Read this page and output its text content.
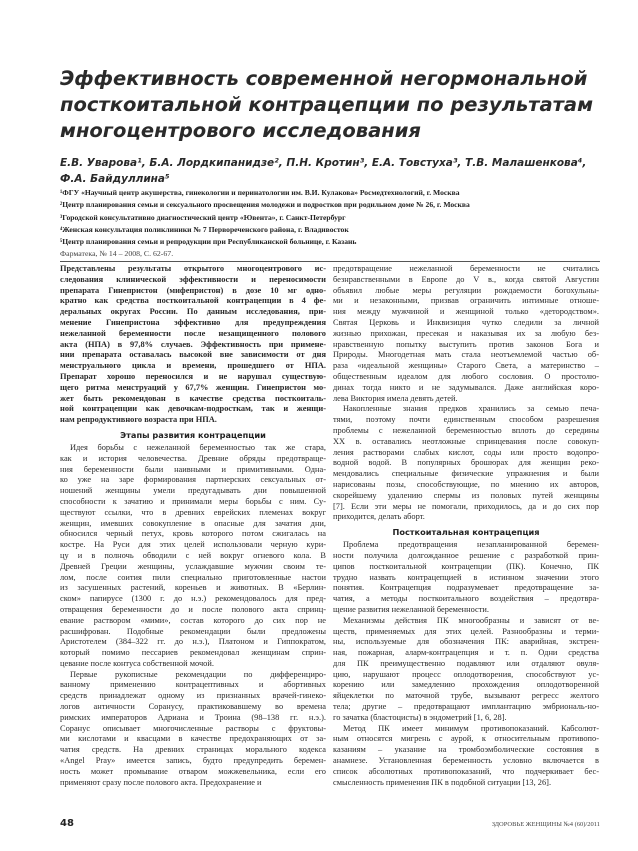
Эффективность современной негормональной
посткоитальной контрацепции по результатам
многоцентрового исследования
Е.В. Уварова¹, Б.А. Лордкипанидзе², П.Н. Кротин³, Е.А. Товстуха³, Т.В. Малашенкова⁴,
Ф.А. Байдуллина⁵
¹ФГУ «Научный центр акушерства, гинекологии и перинатологии им. В.И. Кулакова» Росмедтехнологий, г. Москва
²Центр планирования семьи и сексуального просвещения молодежи и подростков при родильном доме № 26, г. Москва
³Городской консультативно диагностический центр «Ювента», г. Санкт-Петербург
⁴Женская консультация поликлиники № 7 Первореченского района, г. Владивосток
⁵Центр планирования семьи и репродукции при Республиканской больнице, г. Казань
Фарматека, № 14 – 2008, С. 62-67.

Представлены результаты открытого многоцентрового ис-

следования клинической эффективности и переносимости

препарата Гинепристон (мифепристон) в дозе 10 мг одно-

кратно как средства посткоитальной контрацепции в 4 фе-

деральных округах России. По данным исследования, при-

менение Гинепристона эффективно для предупреждения

нежеланной беременности после незащищенного полового

акта (НПА) в 97,8% случаев. Эффективность при примене-

нии препарата оставалась высокой вне зависимости от дня

менструального цикла и времени, прошедшего от НПА.

Препарат хорошо переносился и не нарушал существую-

щего ритма менструаций у 67,7% женщин. Гинепристон мо-

жет быть рекомендован в качестве средства посткоиталь-

ной контрацепции как девочкам-подросткам, так и женщи-

нам репродуктивного возраста при НПА.

Этапы развития контрацепции

Идея борьбы с нежеланной беременностью так же стара,

как и история человечества. Древние обряды предотвраще-

ния беременности были наивными и примитивными. Одна-

ко уже на заре формирования партнерских сексуальных от-

ношений женщины умели предугадывать дни повышенной

способности к зачатию и принимали меры борьбы с ним. Су-

ществуют ссылки, что в древних еврейских племенах вокруг

женщин, имевших совокупление в опасные для зачатия дни,

обносился черный петух, кровь которого потом сжигалась на

костре. На Руси для этих целей использовали черную кури-

цу и в полночь обводили с ней вокруг огневого кола. В

Древней Греции женщины, услаждавшие мужчин своим те-

лом, после соития пили специально приготовленные настои

из засушенных растений, кореньев и животных. В «Берлин-

ском» папирусе (1300 г. до н.э.) рекомендовалось для пред-

отвращения беременности до и после полового акта спринц-

евание раствором «мими», состав которого до сих пор не

расшифрован. Подобные рекомендации были предложены

Аристотелем (384–322 гг. до н.э.), Платоном и Гиппократом,

который помимо пессариев рекомендовал женщинам сприн-

цевание после контуса собственной мочой.

Первые рукописные рекомендации по дифференциро-

ванному применению контрацептивных и абортивных

средств принадлежат одному из признанных врачей-гинеко-

логов античности Соранусу, практиковавшему во времена

римских императоров Адриана и Троина (98–138 гг. н.э.).

Соранус описывает многочисленные растворы с фруктовы-

ми кислотами и квасцами в качестве предохраняющих от за-

чатия средств. На древних страницах морального кодекса

«Angel Pray» имеется запись, будто предупредить беремен-

ность может промывание отваром можжевельника, если его

применяют сразу после полового акта. Предохранение и

предотвращение нежеланной беременности не считались

безнравственными в Европе до V в., когда святой Августин

объявил любые меры регуляции рождаемости богохульны-

ми и незаконными, призвав ограничить интимные отноше-

ния между мужчиной и женщиной только «детородством».

Святая Церковь и Инквизиция чутко следили за личной

жизнью прихожан, пресекая и наказывая их за любую без-

нравственную попытку выступить против законов Бога и

Природы. Многодетная мать стала неотъемлемой частью об-

раза «идеальной женщины» Старого Света, а материнство –

общественным идеалом для любого сословия. О простолю-

динах тогда никто и не задумывался. Даже английская коро-

лева Виктория имела девять детей.

Накопленные знания предков хранились за семью печа-

тями, поэтому почти единственным способом разрешения

проблемы с нежеланной беременностью вплоть до середины

XX в. оставались неотложные спринцевания после совокуп-

ления растворами слабых кислот, соды или просто водопро-

водной водой. В популярных брошюрах для женщин реко-

мендовались специальные физические упражнения и были

нарисованы позы, способствующие, по мнению их авторов,

скорейшему удалению спермы из половых путей женщины

[7]. Если эти меры не помогали, приходилось, да и до сих пор

приходится, делать аборт.

Посткоитальная контрацепция

Проблема предотвращения незапланированной беремен-

ности получила долгожданное решение с разработкой прин-

ципов посткоитальной контрацепции (ПК). Конечно, ПК

трудно назвать контрацепцией в истинном значении этого

понятия. Контрацепция подразумевает предотвращение за-

чатия, а методы посткоитального воздействия – предотвра-

щение развития нежеланной беременности.

Механизмы действия ПК многообразны и зависят от ве-

ществ, применяемых для этих целей. Разнообразны и терми-

ны, используемые для обозначения ПК: аварийная, экстрен-

ная, пожарная, аларм-контрацепция и т. п. Одни средства

для ПК преимущественно подавляют или отдаляют овуля-

цию, нарушают процесс оплодотворения, способствуют ус-

корению или замедлению прохождения оплодотворенной

яйцеклетки по маточной трубе, вызывают регресс желтого

тела; другие – предотвращают имплантацию эмбриональ-но-

го зачатка (бластоцисты) в эндометрий [1, 6, 28].

Метод ПК имеет минимум противопоказаний. Кабсолют-

ным относятся мигрень с аурой, к относительным противопо-

казаниям – указание на тромбоэмболические состояния в

анамнезе. Установленная беременность условно включается в

список абсолютных противопоказаний, что подчеркивает бес-

смысленность применения ПК в подобной ситуации [13, 26].

48	ЗДОРОВЬЕ ЖЕНЩИНЫ №4 (60)/2011
